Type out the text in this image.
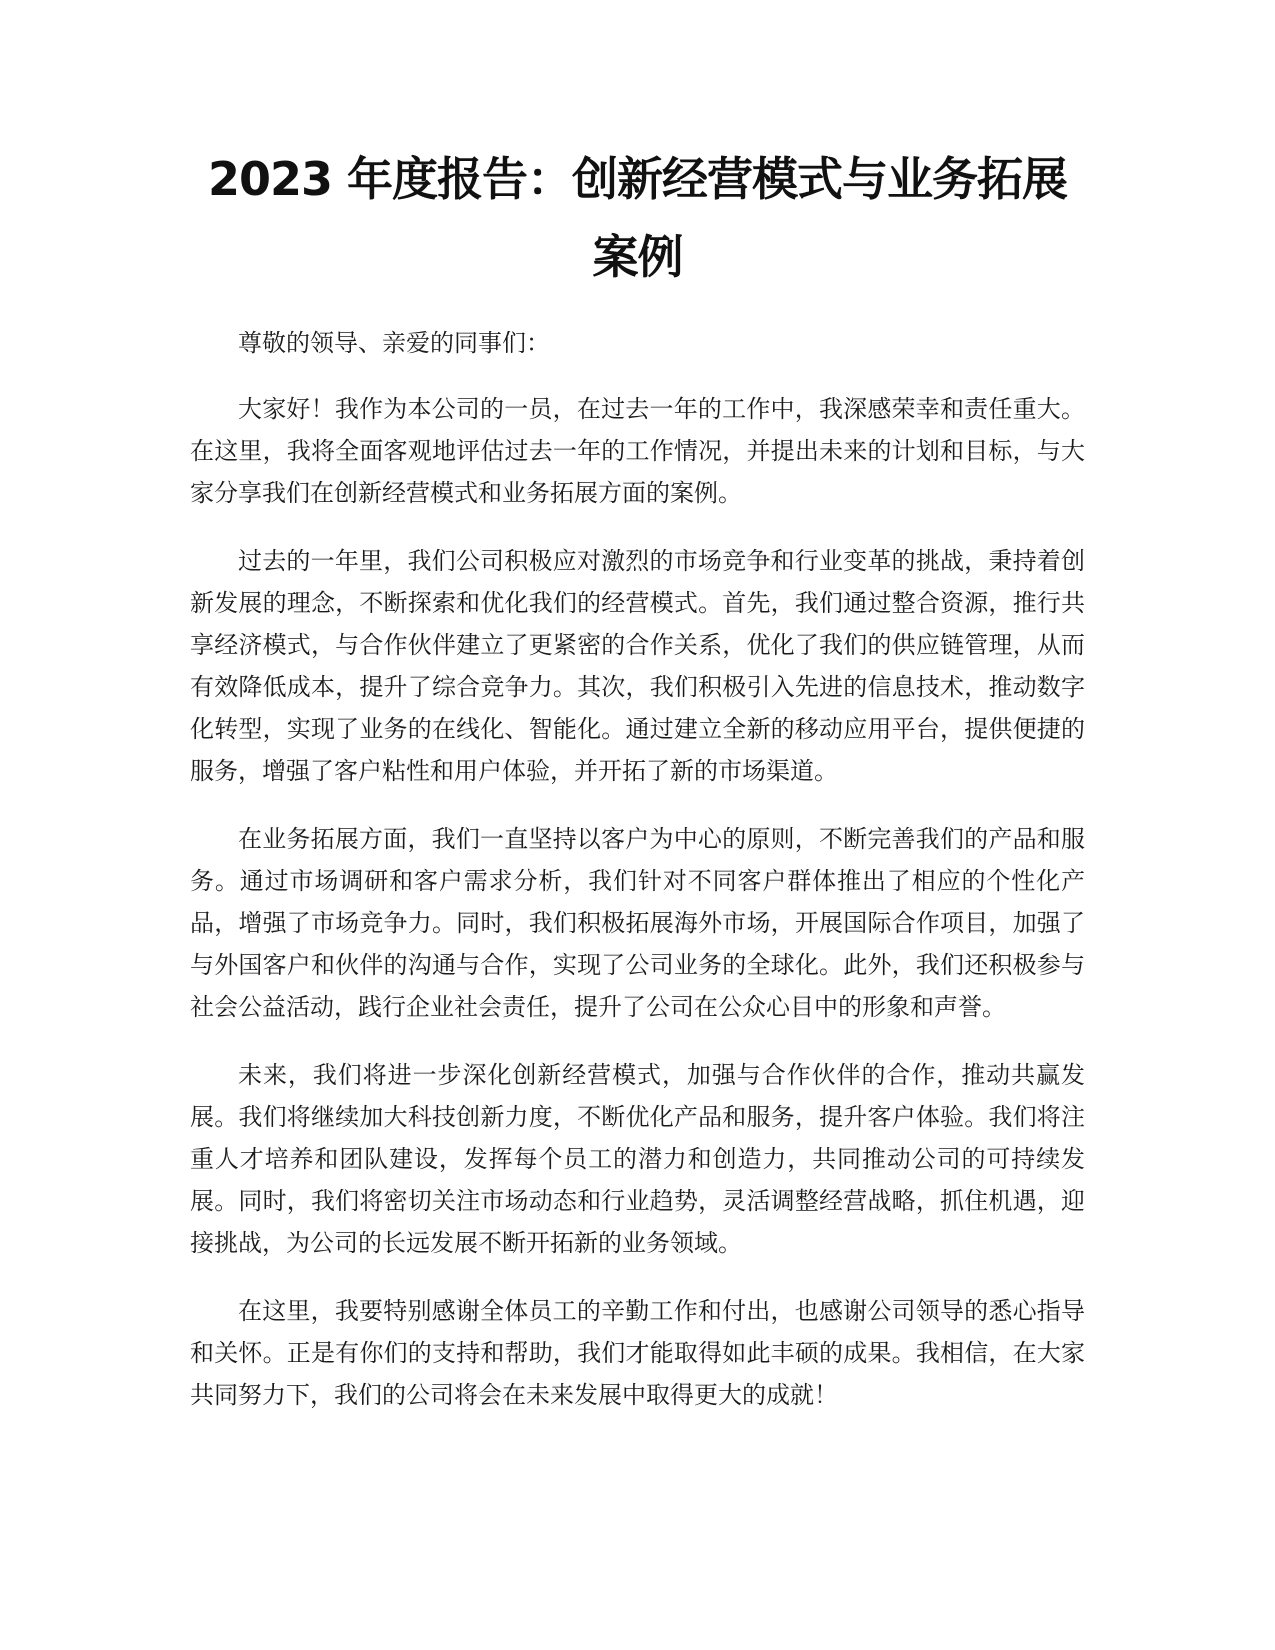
2023 年度报告：创新经营模式与业务拓展案例

尊敬的领导、亲爱的同事们：

大家好！我作为本公司的一员，在过去一年的工作中，我深感荣幸和责任重大。在这里，我将全面客观地评估过去一年的工作情况，并提出未来的计划和目标，与大家分享我们在创新经营模式和业务拓展方面的案例。

过去的一年里，我们公司积极应对激烈的市场竞争和行业变革的挑战，秉持着创新发展的理念，不断探索和优化我们的经营模式。首先，我们通过整合资源，推行共享经济模式，与合作伙伴建立了更紧密的合作关系，优化了我们的供应链管理，从而有效降低成本，提升了综合竞争力。其次，我们积极引入先进的信息技术，推动数字化转型，实现了业务的在线化、智能化。通过建立全新的移动应用平台，提供便捷的服务，增强了客户粘性和用户体验，并开拓了新的市场渠道。

在业务拓展方面，我们一直坚持以客户为中心的原则，不断完善我们的产品和服务。通过市场调研和客户需求分析，我们针对不同客户群体推出了相应的个性化产品，增强了市场竞争力。同时，我们积极拓展海外市场，开展国际合作项目，加强了与外国客户和伙伴的沟通与合作，实现了公司业务的全球化。此外，我们还积极参与社会公益活动，践行企业社会责任，提升了公司在公众心目中的形象和声誉。

未来，我们将进一步深化创新经营模式，加强与合作伙伴的合作，推动共赢发展。我们将继续加大科技创新力度，不断优化产品和服务，提升客户体验。我们将注重人才培养和团队建设，发挥每个员工的潜力和创造力，共同推动公司的可持续发展。同时，我们将密切关注市场动态和行业趋势，灵活调整经营战略，抓住机遇，迎接挑战，为公司的长远发展不断开拓新的业务领域。

在这里，我要特别感谢全体员工的辛勤工作和付出，也感谢公司领导的悉心指导和关怀。正是有你们的支持和帮助，我们才能取得如此丰硕的成果。我相信，在大家共同努力下，我们的公司将会在未来发展中取得更大的成就！
